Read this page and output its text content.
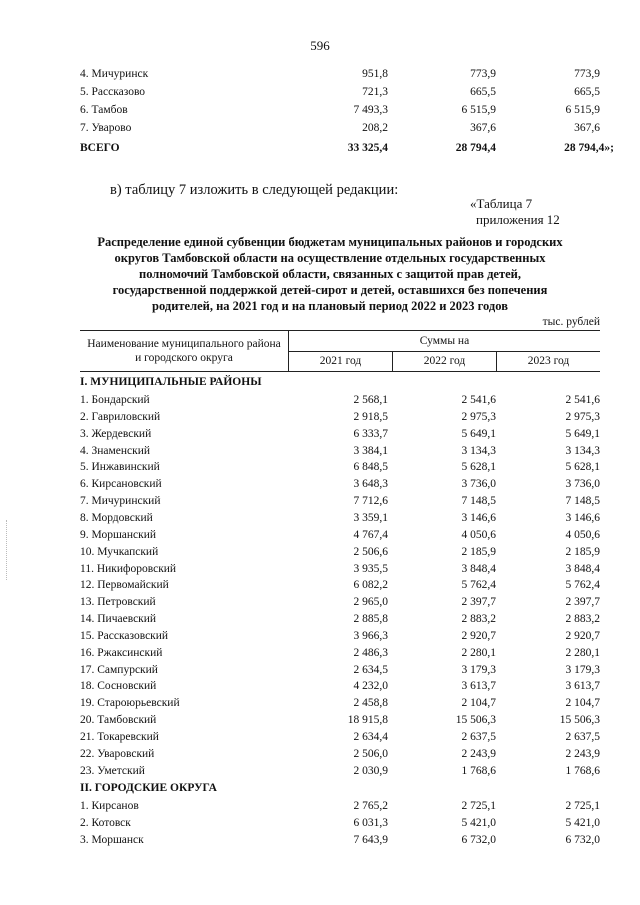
596
4. Мичуринск	951,8	773,9	773,9
5. Рассказово	721,3	665,5	665,5
6. Тамбов	7 493,3	6 515,9	6 515,9
7. Уварово	208,2	367,6	367,6
ВСЕГО	33 325,4	28 794,4	28 794,4»;
в) таблицу 7 изложить в следующей редакции:
«Таблица 7
приложения 12
Распределение единой субвенции бюджетам муниципальных районов и городских
округов Тамбовской области на осуществление отдельных государственных
полномочий Тамбовской области, связанных с защитой прав детей,
государственной поддержкой детей-сирот и детей, оставшихся без попечения
родителей, на 2021 год и на плановый период 2022 и 2023 годов
тыс. рублей
Наименование муниципального района
и городского округа
Суммы на
2021 год	2022 год	2023 год
I. МУНИЦИПАЛЬНЫЕ РАЙОНЫ
1. Бондарский	2 568,1	2 541,6	2 541,6
2. Гавриловский	2 918,5	2 975,3	2 975,3
3. Жердевский	6 333,7	5 649,1	5 649,1
4. Знаменский	3 384,1	3 134,3	3 134,3
5. Инжавинский	6 848,5	5 628,1	5 628,1
6. Кирсановский	3 648,3	3 736,0	3 736,0
7. Мичуринский	7 712,6	7 148,5	7 148,5
8. Мордовский	3 359,1	3 146,6	3 146,6
9. Моршанский	4 767,4	4 050,6	4 050,6
10. Мучкапский	2 506,6	2 185,9	2 185,9
11. Никифоровский	3 935,5	3 848,4	3 848,4
12. Первомайский	6 082,2	5 762,4	5 762,4
13. Петровский	2 965,0	2 397,7	2 397,7
14. Пичаевский	2 885,8	2 883,2	2 883,2
15. Рассказовский	3 966,3	2 920,7	2 920,7
16. Ржаксинский	2 486,3	2 280,1	2 280,1
17. Сампурский	2 634,5	3 179,3	3 179,3
18. Сосновский	4 232,0	3 613,7	3 613,7
19. Староюрьевский	2 458,8	2 104,7	2 104,7
20. Тамбовский	18 915,8	15 506,3	15 506,3
21. Токаревский	2 634,4	2 637,5	2 637,5
22. Уваровский	2 506,0	2 243,9	2 243,9
23. Уметский	2 030,9	1 768,6	1 768,6
II. ГОРОДСКИЕ ОКРУГА
1. Кирсанов	2 765,2	2 725,1	2 725,1
2. Котовск	6 031,3	5 421,0	5 421,0
3. Моршанск	7 643,9	6 732,0	6 732,0
